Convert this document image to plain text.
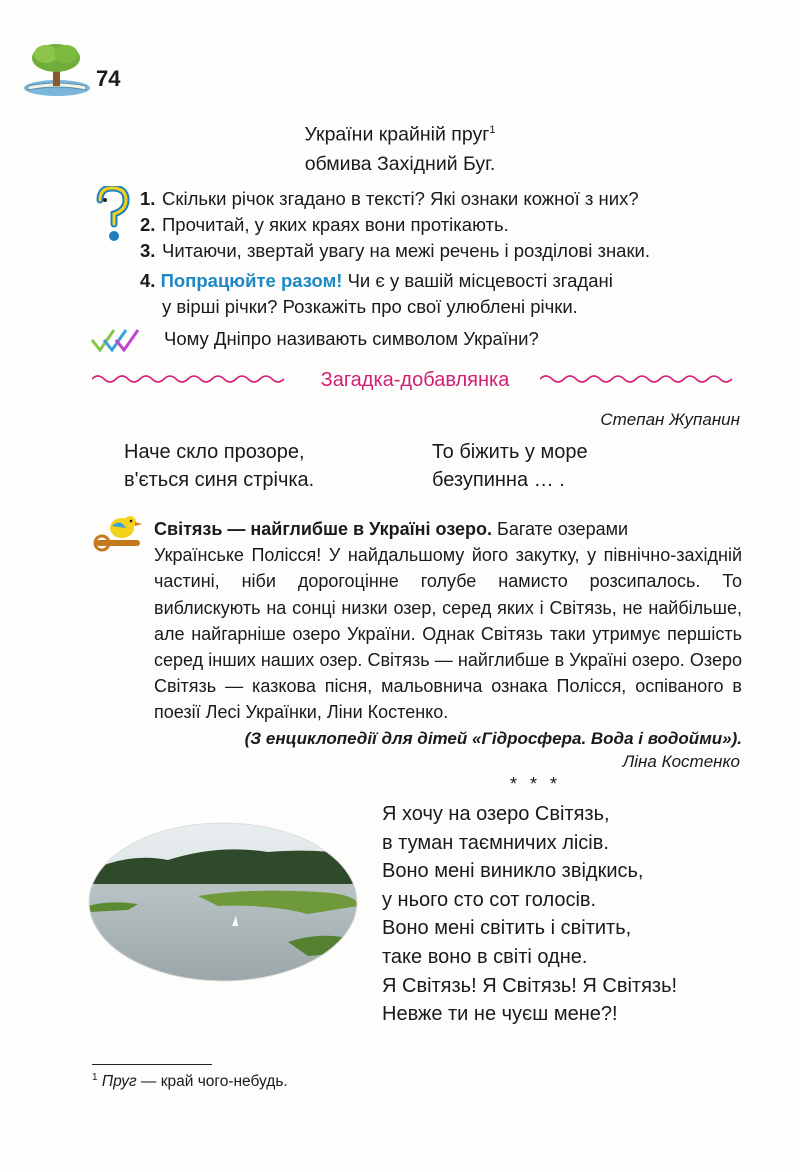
74
України крайній пруг$^1$
обмива Західний Буг.
1. Скільки річок згадано в тексті? Які ознаки кожної з них?
2. Прочитай, у яких краях вони протікають.
3. Читаючи, звертай увагу на межі речень і розділові знаки.
4. Попрацюйте разом! Чи є у вашій місцевості згадані
у вірші річки? Розкажіть про свої улюблені річки.
Чому Дніпро називають символом України?
Загадка-добавлянка
Степан Жупанин
Наче скло прозоре,
в'ється синя стрічка.
То біжить у море
безупинна … .
Світязь — найглибше в Україні озеро. Багате озерами
Українське Полісся! У найдальшому його закутку, у північно-західній частині, ніби дорогоцінне голубе намисто розсипалось. То виблискують на сонці низки озер, серед яких і Світязь, не найбільше, але найгарніше озеро України. Однак Світязь таки утримує першість серед інших наших озер. Світязь — найглибше в Україні озеро. Озеро Світязь — казкова пісня, мальовнича ознака Полісся, оспіваного в поезії Лесі Українки, Ліни Костенко.
(З енциклопедії для дітей «Гідросфера. Вода і водойми»).
Ліна Костенко
* * *
Я хочу на озеро Світязь,
в туман таємничих лісів.
Воно мені виникло звідкись,
у нього сто сот голосів.
Воно мені світить і світить,
таке воно в світі одне.
Я Світязь! Я Світязь! Я Світязь!
Невже ти не чуєш мене?!
$^1$ Пруг — край чого-небудь.
